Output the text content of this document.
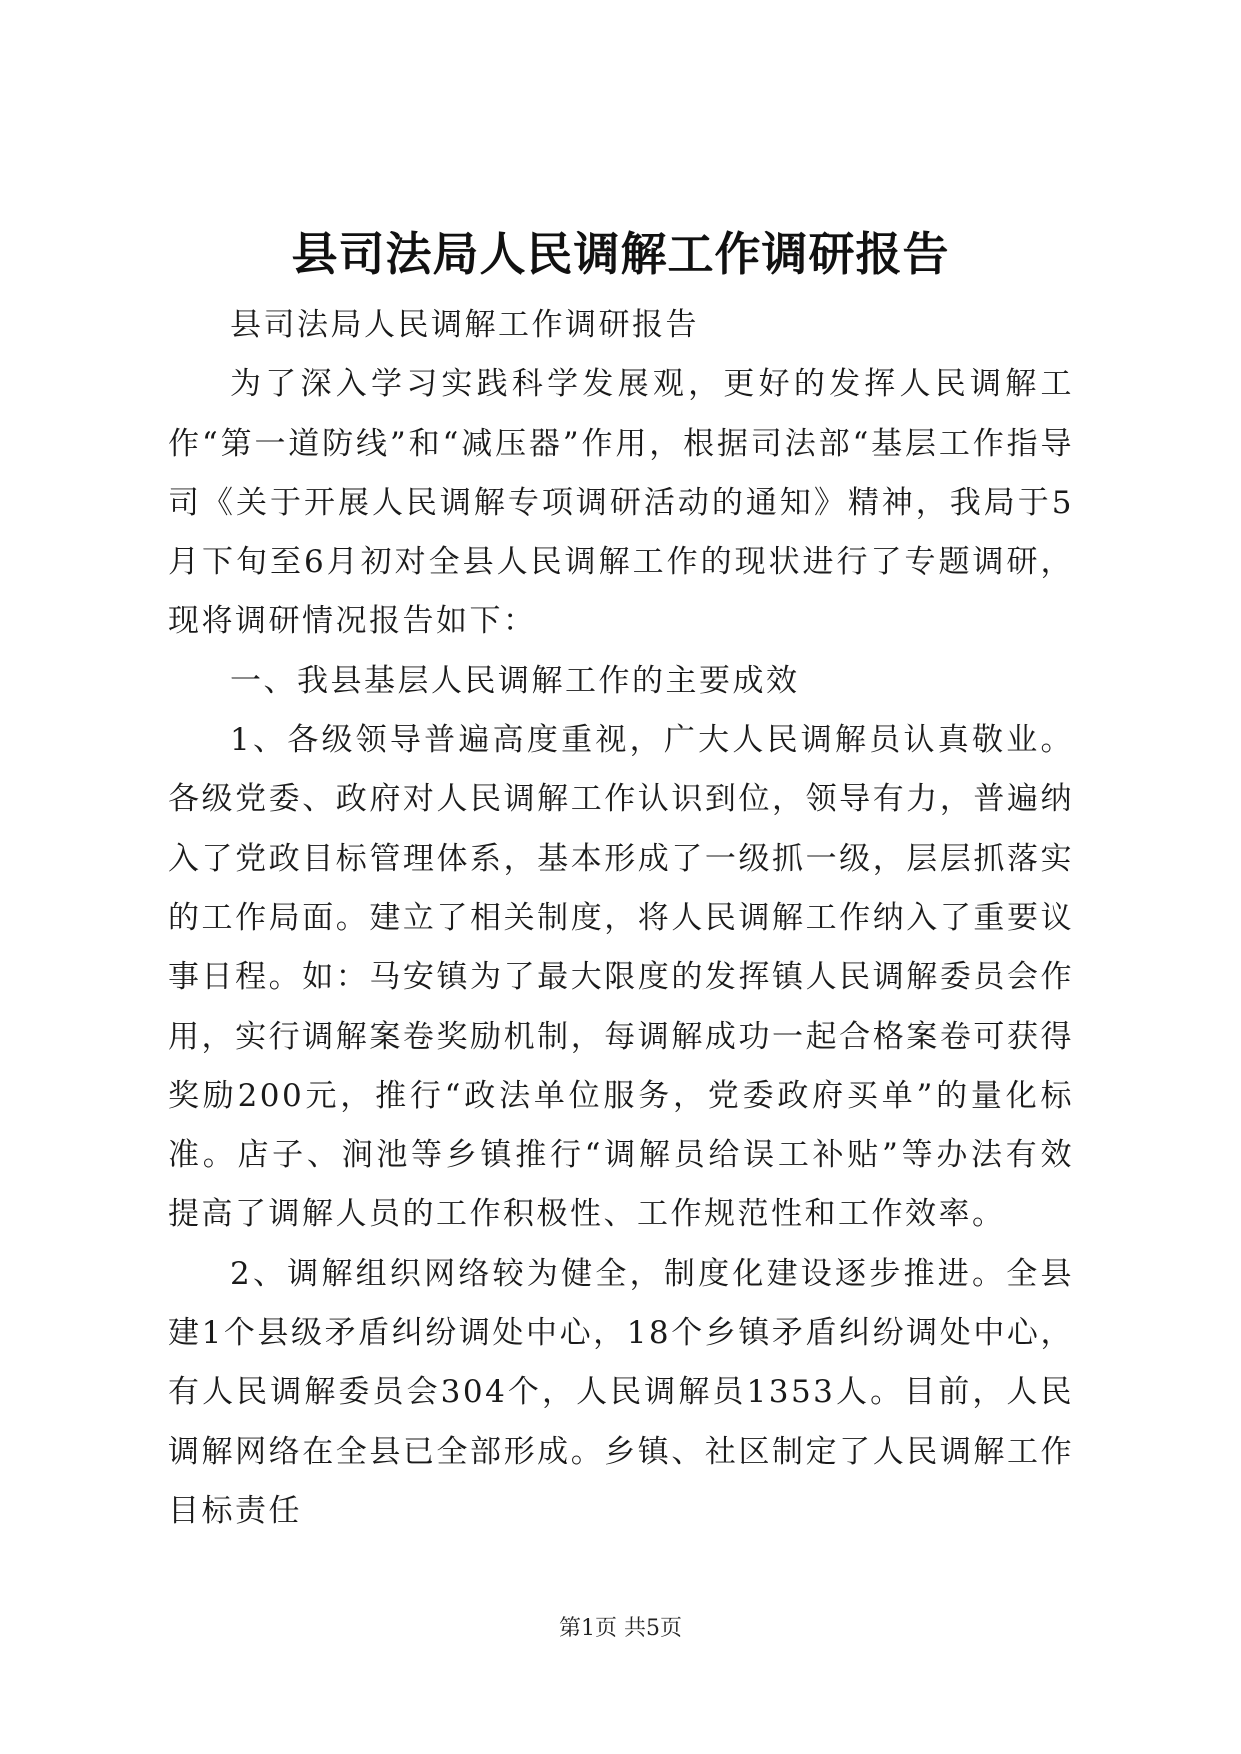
县司法局人民调解工作调研报告

县司法局人民调解工作调研报告

为了深入学习实践科学发展观，更好的发挥人民调解工作“第一道防线”和“减压器”作用，根据司法部“基层工作指导司《关于开展人民调解专项调研活动的通知》精神，我局于5月下旬至6月初对全县人民调解工作的现状进行了专题调研，现将调研情况报告如下：

一、我县基层人民调解工作的主要成效

1、各级领导普遍高度重视，广大人民调解员认真敬业。各级党委、政府对人民调解工作认识到位，领导有力，普遍纳入了党政目标管理体系，基本形成了一级抓一级，层层抓落实的工作局面。建立了相关制度，将人民调解工作纳入了重要议事日程。如：马安镇为了最大限度的发挥镇人民调解委员会作用，实行调解案卷奖励机制，每调解成功一起合格案卷可获得奖励200元，推行“政法单位服务，党委政府买单”的量化标准。店子、涧池等乡镇推行“调解员给误工补贴”等办法有效提高了调解人员的工作积极性、工作规范性和工作效率。

2、调解组织网络较为健全，制度化建设逐步推进。全县建1个县级矛盾纠纷调处中心，18个乡镇矛盾纠纷调处中心，有人民调解委员会304个，人民调解员1353人。目前，人民调解网络在全县已全部形成。乡镇、社区制定了人民调解工作目标责任

第1页 共5页
